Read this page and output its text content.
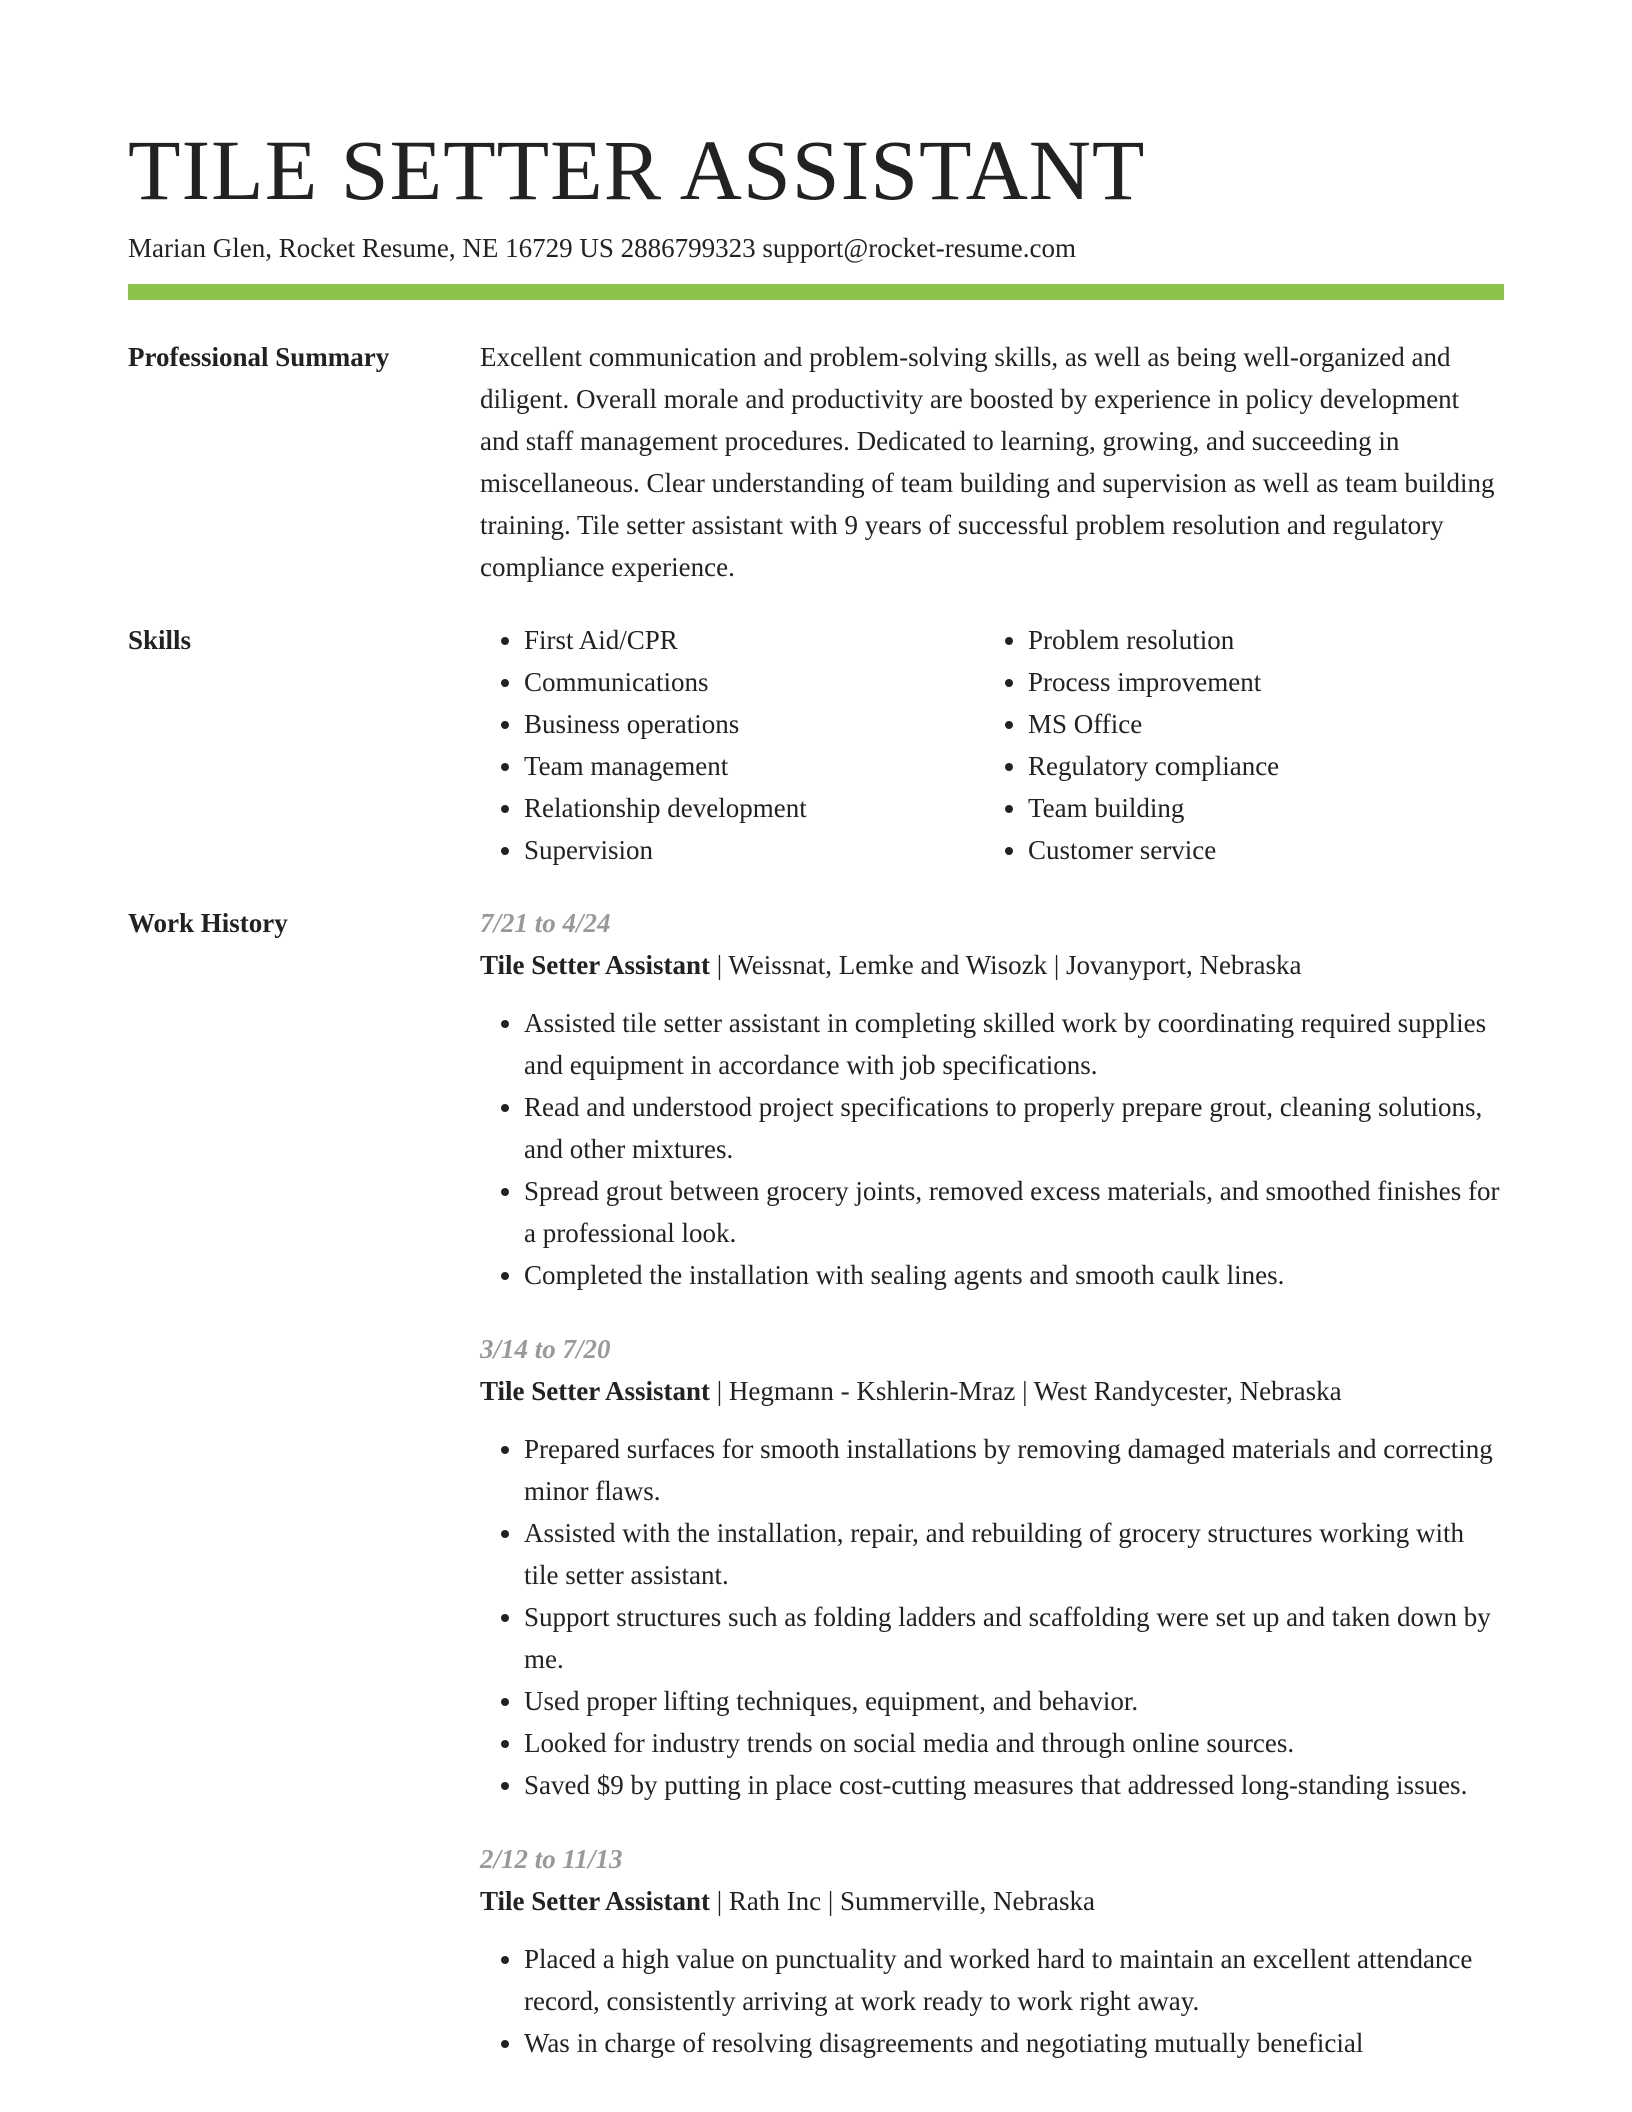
TILE SETTER ASSISTANT
Marian Glen, Rocket Resume, NE 16729 US 2886799323 support@rocket-resume.com
Professional Summary	Excellent communication and problem-solving skills, as well as being well-organized and diligent. Overall morale and productivity are boosted by experience in policy development and staff management procedures. Dedicated to learning, growing, and succeeding in miscellaneous. Clear understanding of team building and supervision as well as team building training. Tile setter assistant with 9 years of successful problem resolution and regulatory compliance experience.

Skills
•	First Aid/CPR
• Communications
• Business operations
• Team management
• Relationship development
• Supervision
• Problem resolution
• Process improvement
• MS Office
• Regulatory compliance
• Team building
• Customer service
Work History	7/21 to 4/24
Tile Setter Assistant | Weissnat, Lemke and Wisozk | Jovanyport, Nebraska
• Assisted tile setter assistant in completing skilled work by coordinating required supplies and equipment in accordance with job specifications.
• Read and understood project specifications to properly prepare grout, cleaning solutions, and other mixtures.
• Spread grout between grocery joints, removed excess materials, and smoothed finishes for a professional look.
• Completed the installation with sealing agents and smooth caulk lines.
3/14 to 7/20
Tile Setter Assistant | Hegmann - Kshlerin-Mraz | West Randycester, Nebraska
• Prepared surfaces for smooth installations by removing damaged materials and correcting minor flaws.
• Assisted with the installation, repair, and rebuilding of grocery structures working with tile setter assistant.
• Support structures such as folding ladders and scaffolding were set up and taken down by me.
• Used proper lifting techniques, equipment, and behavior.
• Looked for industry trends on social media and through online sources.
• Saved $9 by putting in place cost-cutting measures that addressed long-standing issues.
2/12 to 11/13
Tile Setter Assistant | Rath Inc | Summerville, Nebraska
• Placed a high value on punctuality and worked hard to maintain an excellent attendance record, consistently arriving at work ready to work right away.
• Was in charge of resolving disagreements and negotiating mutually beneficial
